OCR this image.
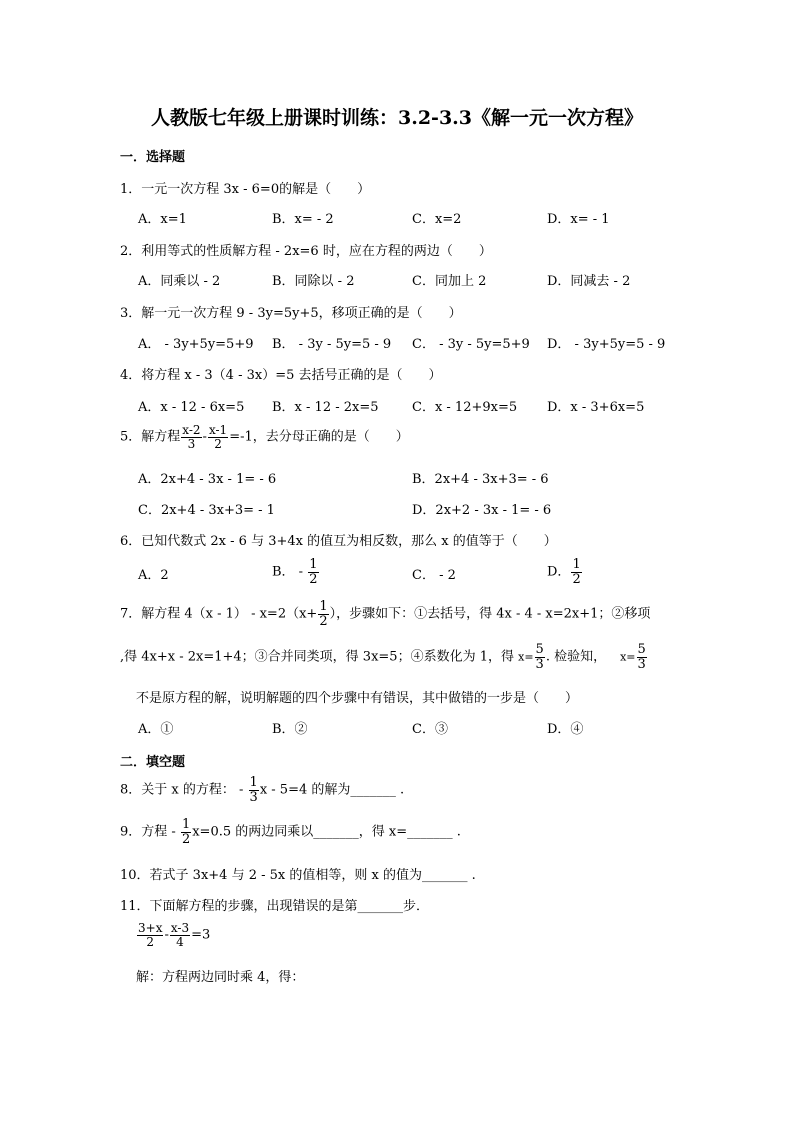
人教版七年级上册课时训练：3.2-3.3《解一元一次方程》
一．选择题
1．一元一次方程 3x - 6=0的解是（　　）
A．x=1	B．x= - 2	C．x=2	D．x= - 1
2．利用等式的性质解方程 - 2x=6 时，应在方程的两边（　　）
A．同乘以 - 2	B．同除以 - 2	C．同加上 2	D．同减去 - 2
3．解一元一次方程 9 - 3y=5y+5，移项正确的是（　　）
A． - 3y+5y=5+9 B． - 3y - 5y=5 - 9 C． - 3y - 5y=5+9 D． - 3y+5y=5 - 9
4．将方程 x - 3（4 - 3x）=5 去括号正确的是（　　）
A．x - 12 - 6x=5 B．x - 12 - 2x=5	C．x - 12+9x=5 D．x - 3+6x=5
5．解方程 $\frac{x-2}{3} - \frac{x-1}{2} =-1$，去分母正确的是（　　）
A．2x+4 - 3x - 1= - 6	B．2x+4 - 3x+3= - 6
C．2x+4 - 3x+3= - 1	D．2x+2 - 3x - 1= - 6
6．已知代数式 2x - 6 与 3+4x 的值互为相反数，那么 x 的值等于（　　）
A．2	B． - $\frac{1}{2}$	C． - 2	D． $\frac{1}{2}$
7．解方程 $4(x - 1) - x=2(x+ \frac{1}{2}$ ），步骤如下：①去括号，得 4x - 4 - x=2x+1；②移项
,得 4x+x - 2x=1+4；③合并同类项，得 3x=5；④系数化为 1，得 $x= \frac{5}{3}$ . 检验知， $x= \frac{5}{3}$
不是原方程的解，说明解题的四个步骤中有错误，其中做错的一步是（　　）
A．①	B．②	C．③	D．④
二．填空题
8．关于 x 的方程： - $\frac{1}{3}$ x - 5=4 的解为_______ .
9．方程 - $\frac{1}{2} x=0.5$ 的两边同乘以_______，得 x=_______ .
10．若式子 3x+4 与 2 - 5x 的值相等，则 x 的值为_______ .
11．下面解方程的步骤，出现错误的是第_______步．
$\frac{3+x}{2} - \frac{x-3}{4} =3$
解：方程两边同时乘 4，得：
